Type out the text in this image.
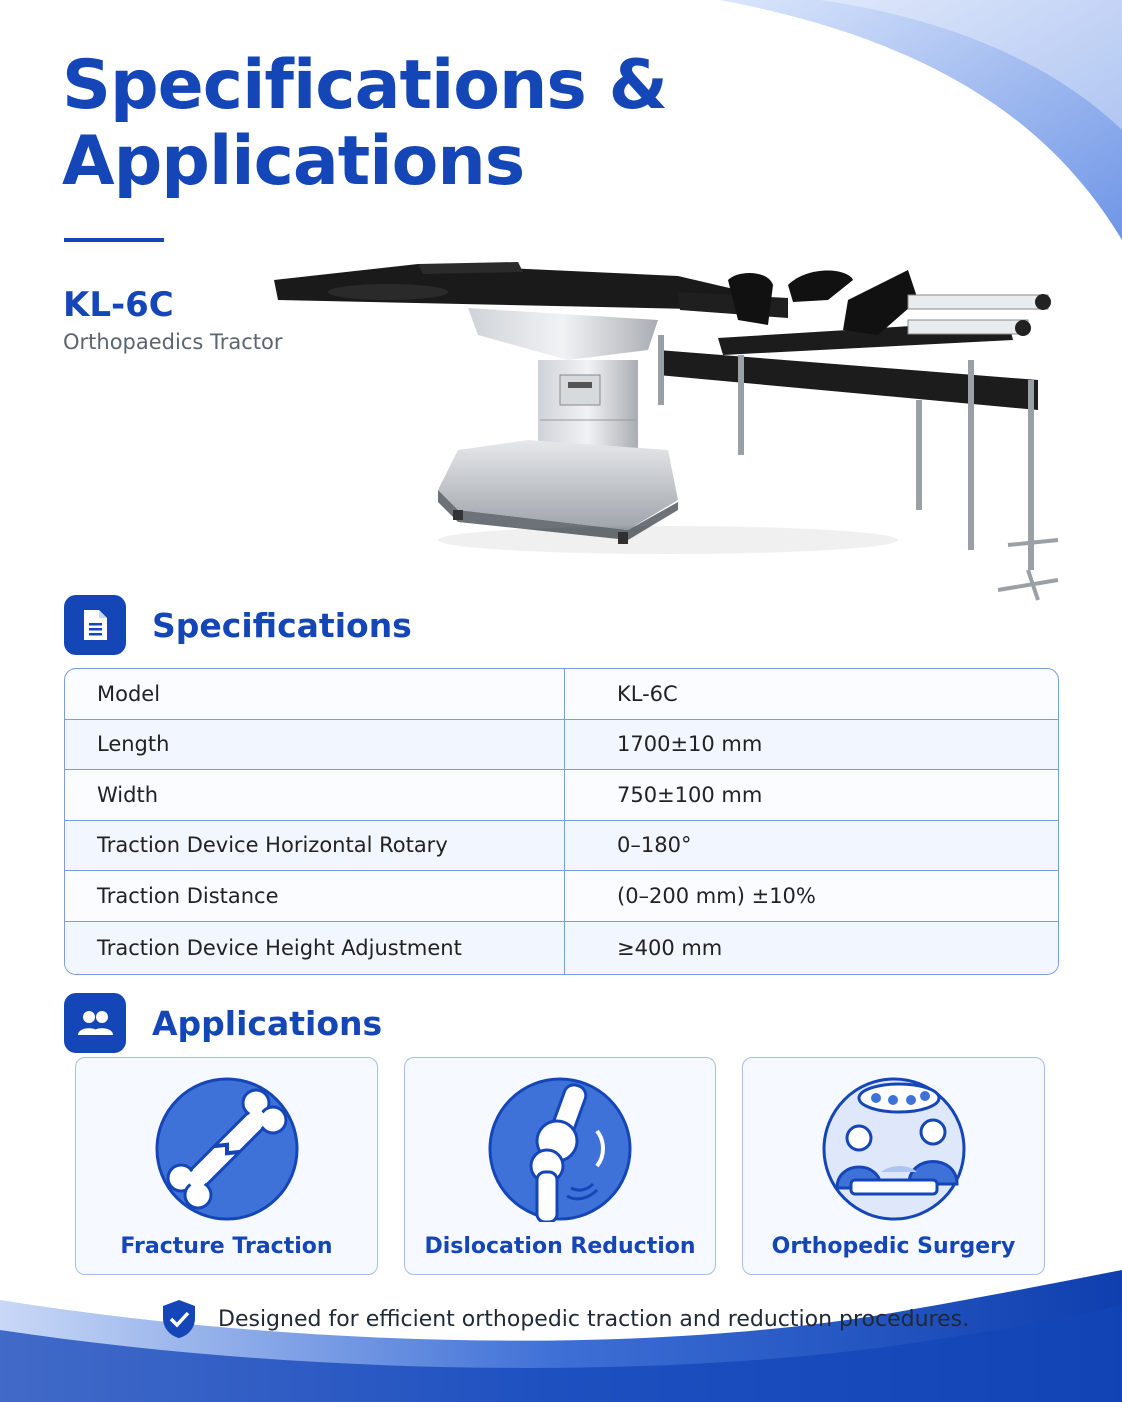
Specifications &
Applications
KL-6C

Orthopaedics Tractor

Specifications
Model	KL-6C
Length	1700±10 mm
Width	750±100 mm
Traction Device Horizontal Rotary	0–180°
Traction Distance	(0–200 mm) ±10%
Traction Device Height Adjustment	≥400 mm
Applications

Fracture Traction	Dislocation Reduction	Orthopedic Surgery

Designed for efficient orthopedic traction and reduction procedures.
